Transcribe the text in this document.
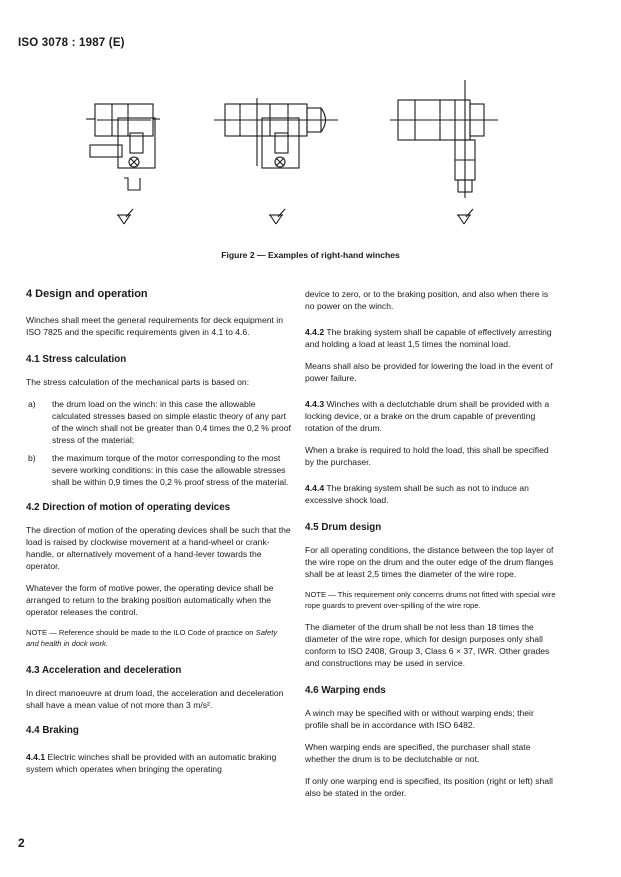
ISO 3078 : 1987 (E)
Figure 2 — Examples of right-hand winches
4 Design and operation

Winches shall meet the general requirements for deck equipment in ISO 7825 and the specific requirements given in 4.1 to 4.6.

4.1 Stress calculation

The stress calculation of the mechanical parts is based on:

a)	the drum load on the winch: in this case the allowable calculated stresses based on simple elastic theory of any part of the winch shall not be greater than 0,4 times the 0,2 % proof stress of the material;
b)	the maximum torque of the motor corresponding to the most severe working conditions: in this case the allowable stresses shall be within 0,9 times the 0,2 % proof stress of the material.
4.2 Direction of motion of operating devices

The direction of motion of the operating devices shall be such that the load is raised by clockwise movement at a hand-wheel or crank-handle, or alternatively movement of a hand-lever towards the operator.

Whatever the form of motive power, the operating device shall be arranged to return to the braking position automatically when the operator releases the control.

NOTE — Reference should be made to the ILO Code of practice on Safety and health in dock work.

4.3 Acceleration and deceleration

In direct manoeuvre at drum load, the acceleration and deceleration shall have a mean value of not more than 3 m/s².

4.4 Braking

4.4.1 Electric winches shall be provided with an automatic braking system which operates when bringing the operating

device to zero, or to the braking position, and also when there is no power on the winch.

4.4.2 The braking system shall be capable of effectively arresting and holding a load at least 1,5 times the nominal load.

Means shall also be provided for lowering the load in the event of power failure.

4.4.3 Winches with a declutchable drum shall be provided with a locking device, or a brake on the drum capable of preventing rotation of the drum.

When a brake is required to hold the load, this shall be specified by the purchaser.

4.4.4 The braking system shall be such as not to induce an excessive shock load.

4.5 Drum design

For all operating conditions, the distance between the top layer of the wire rope on the drum and the outer edge of the drum flanges shall be at least 2,5 times the diameter of the wire rope.

NOTE — This requirement only concerns drums not fitted with special wire rope guards to prevent over-spilling of the wire rope.

The diameter of the drum shall be not less than 18 times the diameter of the wire rope, which for design purposes only shall conform to ISO 2408, Group 3, Class 6 × 37, IWR. Other grades and constructions may be used in service.

4.6 Warping ends

A winch may be specified with or without warping ends; their profile shall be in accordance with ISO 6482.

When warping ends are specified, the purchaser shall state whether the drum is to be declutchable or not.

If only one warping end is specified, its position (right or left) shall also be stated in the order.

2
